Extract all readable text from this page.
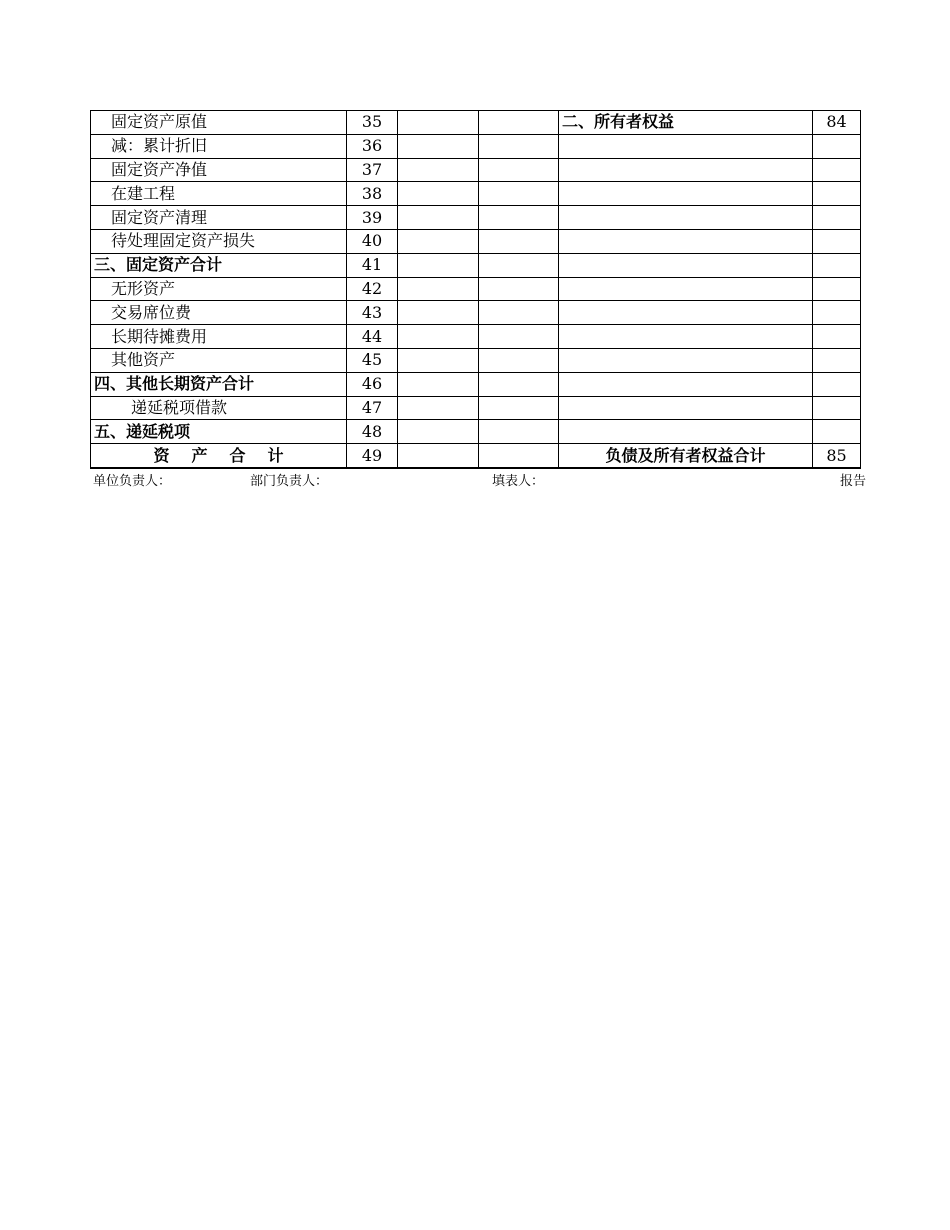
固定资产原值	35			二、所有者权益	84
减：累计折旧	36				
固定资产净值	37				
在建工程	38				
固定资产清理	39				
待处理固定资产损失	40				
三、固定资产合计	41				
无形资产	42				
交易席位费	43				
长期待摊费用	44				
其他资产	45				
四、其他长期资产合计	46				
递延税项借款	47				
五、递延税项	48				
资产合计	49			负债及所有者权益合计	85
单位负责人：	部门负责人：	填表人：	报告
